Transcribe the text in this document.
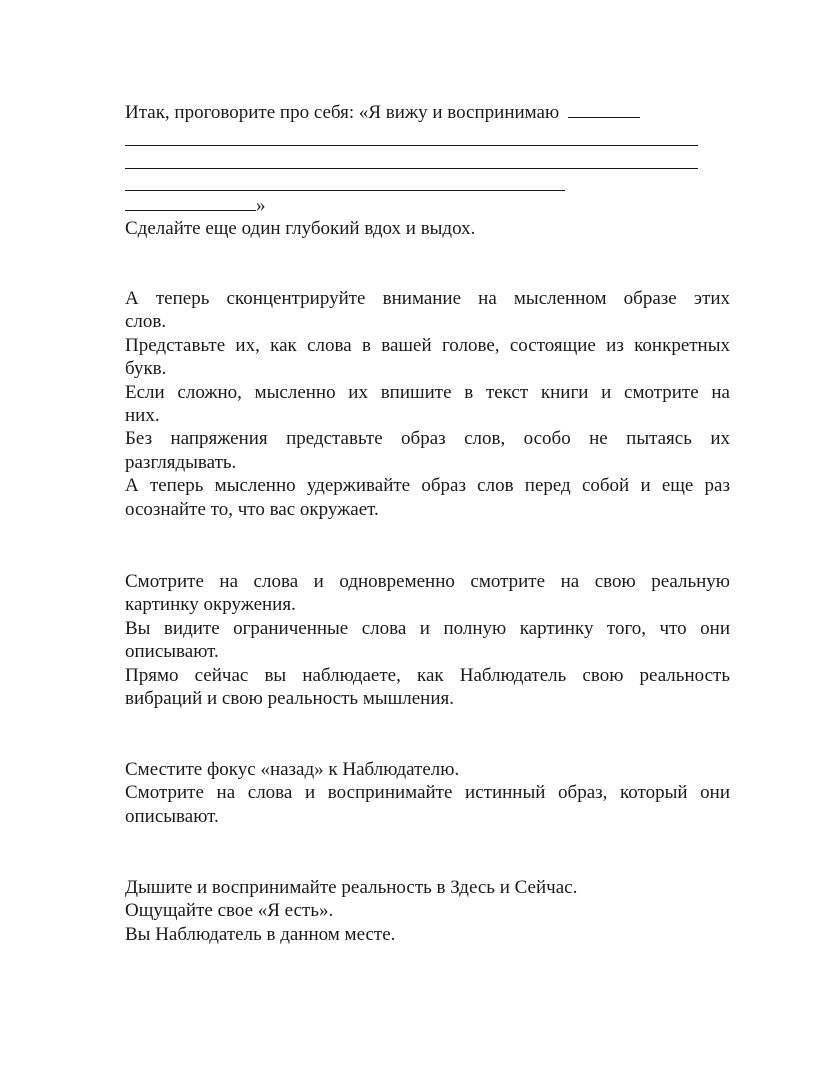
Итак, проговорите про себя: «Я вижу и воспринимаю
»
Сделайте еще один глубокий вдох и выдох.
А теперь сконцентрируйте внимание на мысленном образе этих
слов.
Представьте их, как слова в вашей голове, состоящие из конкретных
букв.
Если сложно, мысленно их впишите в текст книги и смотрите на
них.
Без напряжения представьте образ слов, особо не пытаясь их
разглядывать.
А теперь мысленно удерживайте образ слов перед собой и еще раз
осознайте то, что вас окружает.
Смотрите на слова и одновременно смотрите на свою реальную
картинку окружения.
Вы видите ограниченные слова и полную картинку того, что они
описывают.
Прямо сейчас вы наблюдаете, как Наблюдатель свою реальность
вибраций и свою реальность мышления.
Сместите фокус «назад» к Наблюдателю.
Смотрите на слова и воспринимайте истинный образ, который они
описывают.
Дышите и воспринимайте реальность в Здесь и Сейчас.
Ощущайте свое «Я есть».
Вы Наблюдатель в данном месте.
